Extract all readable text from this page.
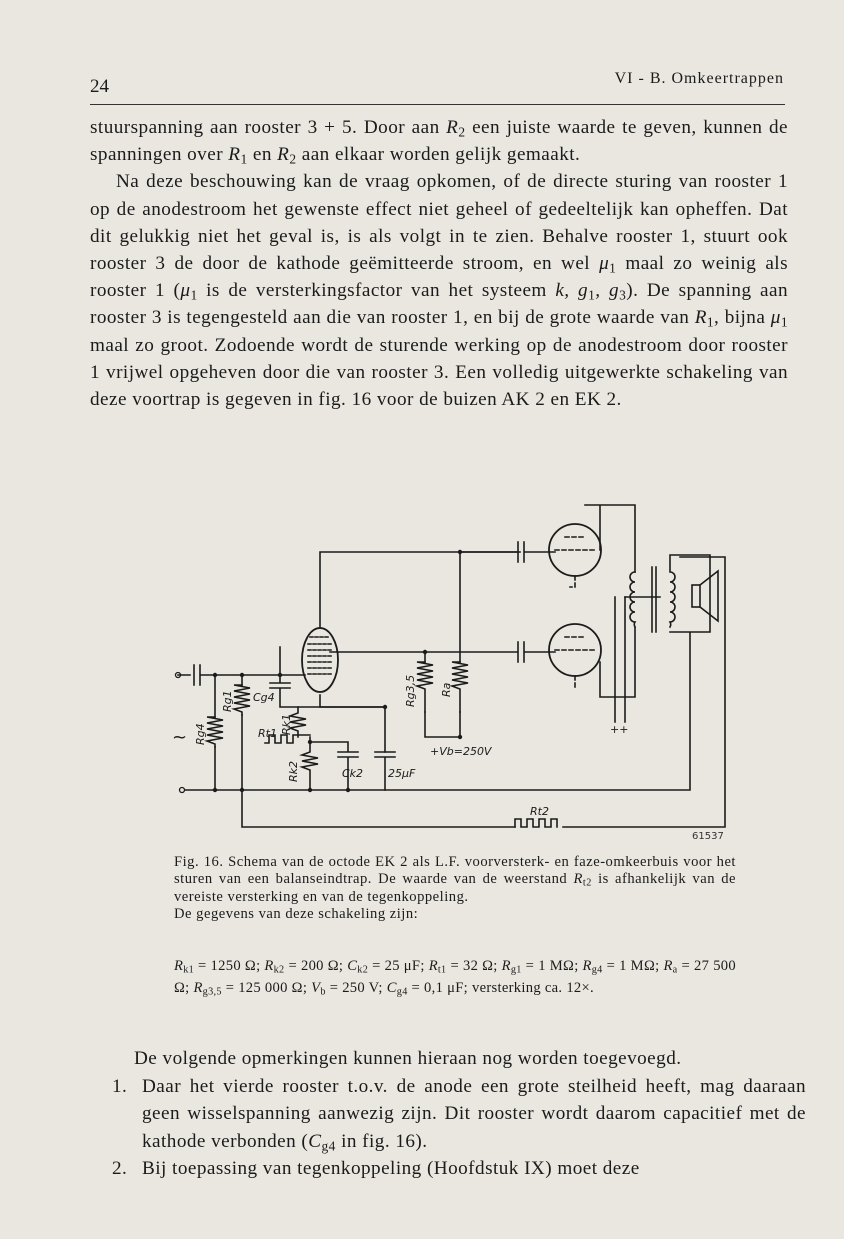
24	VI - B. Omkeertrappen

stuurspanning aan rooster 3 + 5. Door aan $R_2$ een juiste waarde te geven, kunnen de spanningen over $R_1$ en $R_2$ aan elkaar worden gelijk gemaakt.

Na deze beschouwing kan de vraag opkomen, of de directe sturing van rooster 1 op de anodestroom het gewenste effect niet geheel of gedeeltelijk kan opheffen. Dat dit gelukkig niet het geval is, is als volgt in te zien. Behalve rooster 1, stuurt ook rooster 3 de door de kathode geëmitteerde stroom, en wel $\mu_1$ maal zo weinig als rooster 1 ($\mu_1$ is de versterkingsfactor van het systeem k, $g_1$, $g_3$). De spanning aan rooster 3 is tegengesteld aan die van rooster 1, en bij de grote waarde van $R_1$, bijna $\mu_1$ maal zo groot. Zodoende wordt de sturende werking op de anodestroom door rooster 1 vrijwel opgeheven door die van rooster 3. Een volledig uitgewerkte schakeling van deze voortrap is gegeven in fig. 16 voor de buizen AK 2 en EK 2.

Rg1 Cg4
Rg4	Rt1 Rk1
Rk2	Ck2 25μF
Rg3,5 Ra
+Vb=250V
++
Rt2
~
61537

Fig. 16. Schema van de octode EK 2 als L.F. voorversterk- en faze-omkeerbuis voor het sturen van een balanseindtrap. De waarde van de weerstand $R_{t2}$ is afhankelijk van de vereiste versterking en van de tegenkoppeling.

De gegevens van deze schakeling zijn:

$R_{k1} = 1250$ Ω; $R_{k2} = 200$ Ω; $C_{k2} = 25$ μF; $R_{t1} = 32$ Ω; $R_{g1} = 1$ MΩ; $R_{g4} = 1$ MΩ; $R_a = 27$ 500 Ω; $R_{g3,5} = 125$ 000 Ω; $V_b = 250$ V; $C_{g4} = 0,1$ μF; versterking ca. 12×.

De volgende opmerkingen kunnen hieraan nog worden toegevoegd.

1. Daar het vierde rooster t.o.v. de anode een grote steilheid heeft, mag daaraan geen wisselspanning aanwezig zijn. Dit rooster wordt daarom capacitief met de kathode verbonden ($C_{g4}$ in fig. 16).

2. Bij toepassing van tegenkoppeling (Hoofdstuk IX) moet deze
